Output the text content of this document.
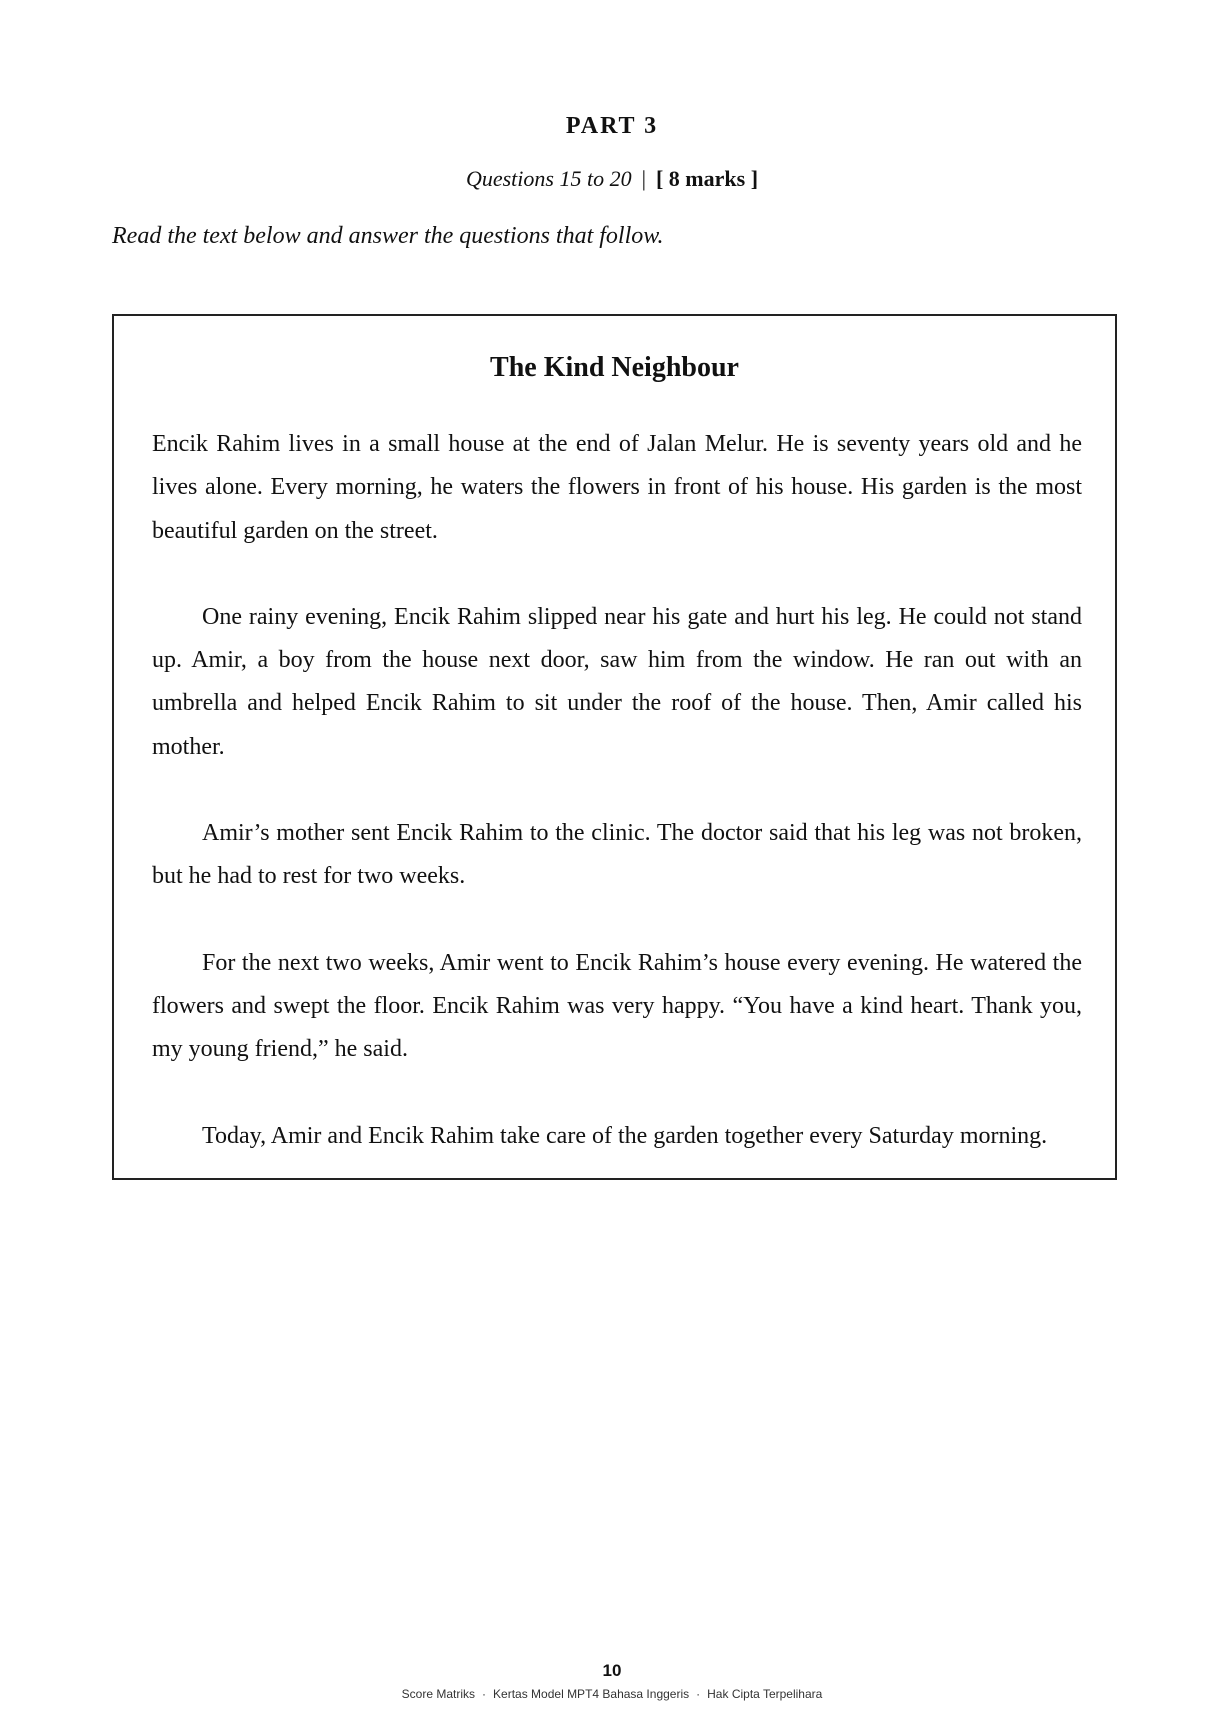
PART 3
Questions 15 to 20 | [ 8 marks ]
Read the text below and answer the questions that follow.
The Kind Neighbour

Encik Rahim lives in a small house at the end of Jalan Melur. He is seventy years old and he lives alone. Every morning, he waters the flowers in front of his house. His garden is the most beautiful garden on the street.

One rainy evening, Encik Rahim slipped near his gate and hurt his leg. He could not stand up. Amir, a boy from the house next door, saw him from the window. He ran out with an umbrella and helped Encik Rahim to sit under the roof of the house. Then, Amir called his mother.

Amir’s mother sent Encik Rahim to the clinic. The doctor said that his leg was not broken, but he had to rest for two weeks.

For the next two weeks, Amir went to Encik Rahim’s house every evening. He watered the flowers and swept the floor. Encik Rahim was very happy. “You have a kind heart. Thank you, my young friend,” he said.

Today, Amir and Encik Rahim take care of the garden together every Saturday morning.

10
Score Matriks · Kertas Model MPT4 Bahasa Inggeris · Hak Cipta Terpelihara
